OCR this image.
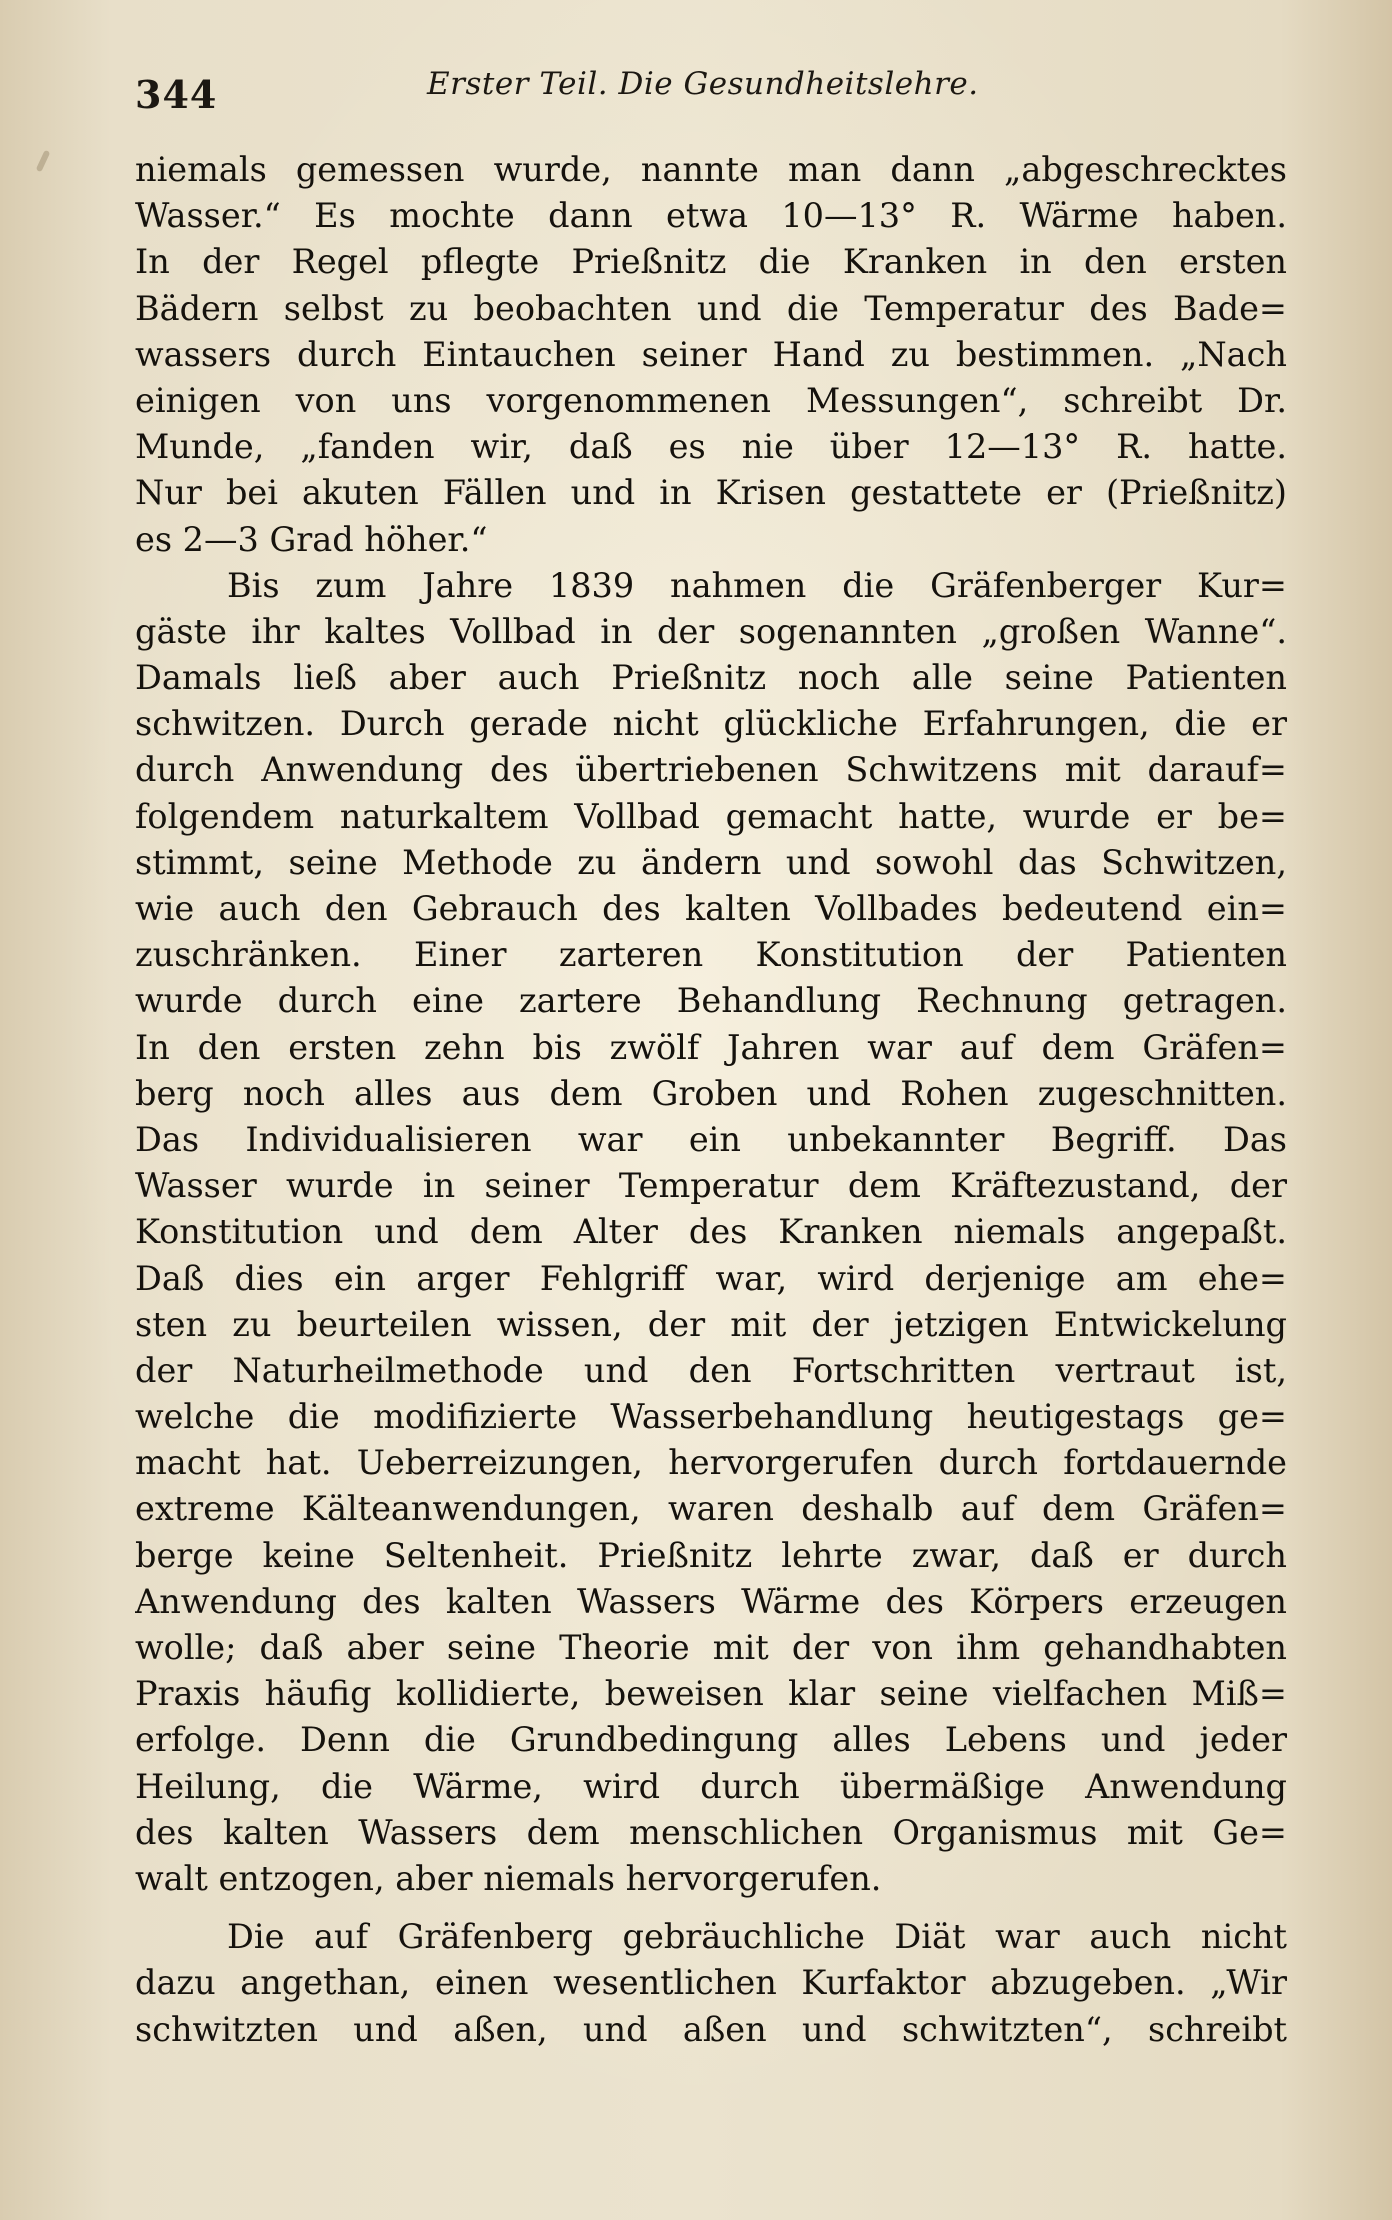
344	Erster Teil. Die Gesundheitslehre.
niemals gemessen wurde, nannte man dann „abgeschrecktes
Wasser.“ Es mochte dann etwa 10—13° R. Wärme haben.
In der Regel pflegte Prießnitz die Kranken in den ersten
Bädern selbst zu beobachten und die Temperatur des Bade=
wassers durch Eintauchen seiner Hand zu bestimmen. „Nach
einigen von uns vorgenommenen Messungen“, schreibt Dr.
Munde, „fanden wir, daß es nie über 12—13° R. hatte.
Nur bei akuten Fällen und in Krisen gestattete er (Prießnitz)
es 2—3 Grad höher.“
Bis zum Jahre 1839 nahmen die Gräfenberger Kur=
gäste ihr kaltes Vollbad in der sogenannten „großen Wanne“.
Damals ließ aber auch Prießnitz noch alle seine Patienten
schwitzen. Durch gerade nicht glückliche Erfahrungen, die er
durch Anwendung des übertriebenen Schwitzens mit darauf=
folgendem naturkaltem Vollbad gemacht hatte, wurde er be=
stimmt, seine Methode zu ändern und sowohl das Schwitzen,
wie auch den Gebrauch des kalten Vollbades bedeutend ein=
zuschränken. Einer zarteren Konstitution der Patienten
wurde durch eine zartere Behandlung Rechnung getragen.
In den ersten zehn bis zwölf Jahren war auf dem Gräfen=
berg noch alles aus dem Groben und Rohen zugeschnitten.
Das Individualisieren war ein unbekannter Begriff. Das
Wasser wurde in seiner Temperatur dem Kräftezustand, der
Konstitution und dem Alter des Kranken niemals angepaßt.
Daß dies ein arger Fehlgriff war, wird derjenige am ehe=
sten zu beurteilen wissen, der mit der jetzigen Entwickelung
der Naturheilmethode und den Fortschritten vertraut ist,
welche die modifizierte Wasserbehandlung heutigestags ge=
macht hat. Ueberreizungen, hervorgerufen durch fortdauernde
extreme Kälteanwendungen, waren deshalb auf dem Gräfen=
berge keine Seltenheit. Prießnitz lehrte zwar, daß er durch
Anwendung des kalten Wassers Wärme des Körpers erzeugen
wolle; daß aber seine Theorie mit der von ihm gehandhabten
Praxis häufig kollidierte, beweisen klar seine vielfachen Miß=
erfolge. Denn die Grundbedingung alles Lebens und jeder
Heilung, die Wärme, wird durch übermäßige Anwendung
des kalten Wassers dem menschlichen Organismus mit Ge=
walt entzogen, aber niemals hervorgerufen.
Die auf Gräfenberg gebräuchliche Diät war auch nicht
dazu angethan, einen wesentlichen Kurfaktor abzugeben. „Wir
schwitzten und aßen, und aßen und schwitzten“, schreibt
